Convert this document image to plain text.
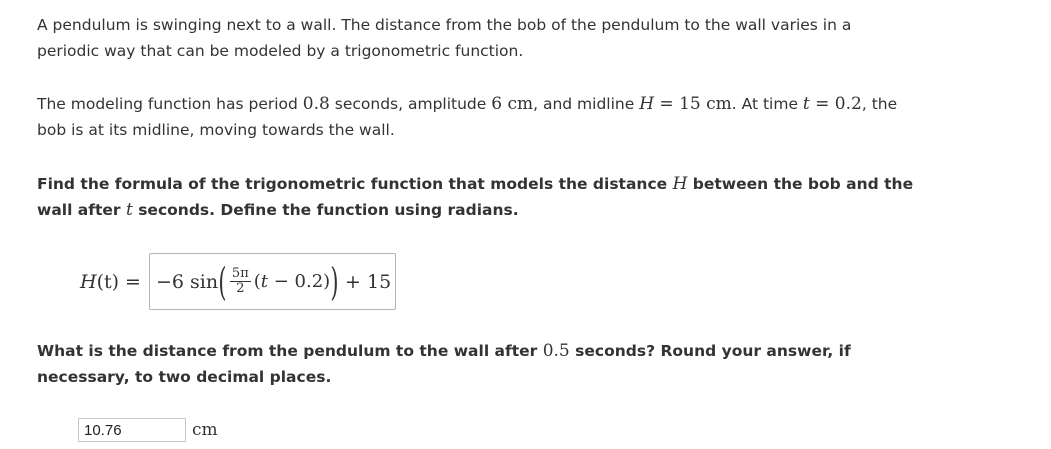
A pendulum is swinging next to a wall. The distance from the bob of the pendulum to the wall varies in a periodic way that can be modeled by a trigonometric function.

The modeling function has period 0.8 seconds, amplitude 6 cm, and midline H = 15 cm. At time t = 0.2, the bob is at its midline, moving towards the wall.

Find the formula of the trigonometric function that models the distance H between the bob and the wall after t seconds. Define the function using radians.

H(t) = −6 sin ( $\frac{5\pi}{2} (t - 0.2)$ ) + 15

What is the distance from the pendulum to the wall after 0.5 seconds? Round your answer, if necessary, to two decimal places.

10.76
cm
